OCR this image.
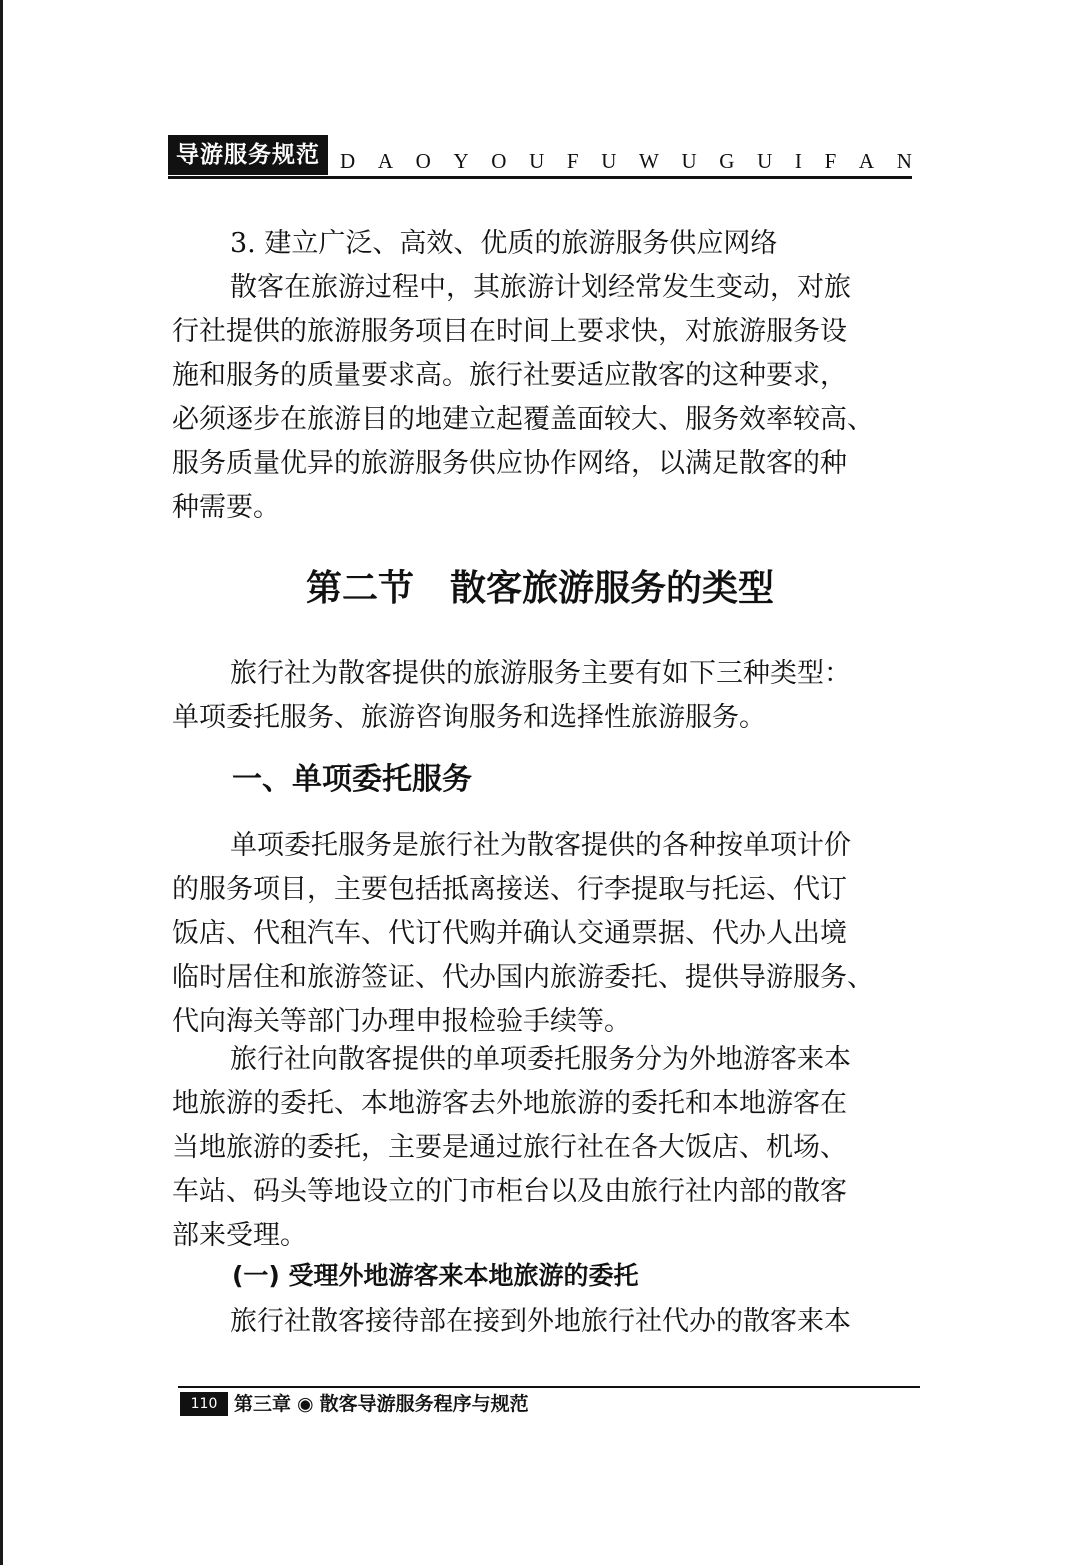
导游服务规范 D A O Y O U F U W U G U I F A N
3. 建立广泛、高效、优质的旅游服务供应网络
散客在旅游过程中，其旅游计划经常发生变动，对旅
行社提供的旅游服务项目在时间上要求快，对旅游服务设
施和服务的质量要求高。旅行社要适应散客的这种要求，
必须逐步在旅游目的地建立起覆盖面较大、服务效率较高、
服务质量优异的旅游服务供应协作网络，以满足散客的种
种需要。
第二节　散客旅游服务的类型
旅行社为散客提供的旅游服务主要有如下三种类型：
单项委托服务、旅游咨询服务和选择性旅游服务。
一、单项委托服务
单项委托服务是旅行社为散客提供的各种按单项计价
的服务项目，主要包括抵离接送、行李提取与托运、代订
饭店、代租汽车、代订代购并确认交通票据、代办人出境
临时居住和旅游签证、代办国内旅游委托、提供导游服务、
代向海关等部门办理申报检验手续等。
旅行社向散客提供的单项委托服务分为外地游客来本
地旅游的委托、本地游客去外地旅游的委托和本地游客在
当地旅游的委托，主要是通过旅行社在各大饭店、机场、
车站、码头等地设立的门市柜台以及由旅行社内部的散客
部来受理。
(一) 受理外地游客来本地旅游的委托
旅行社散客接待部在接到外地旅行社代办的散客来本
110 第三章 ◉ 散客导游服务程序与规范
